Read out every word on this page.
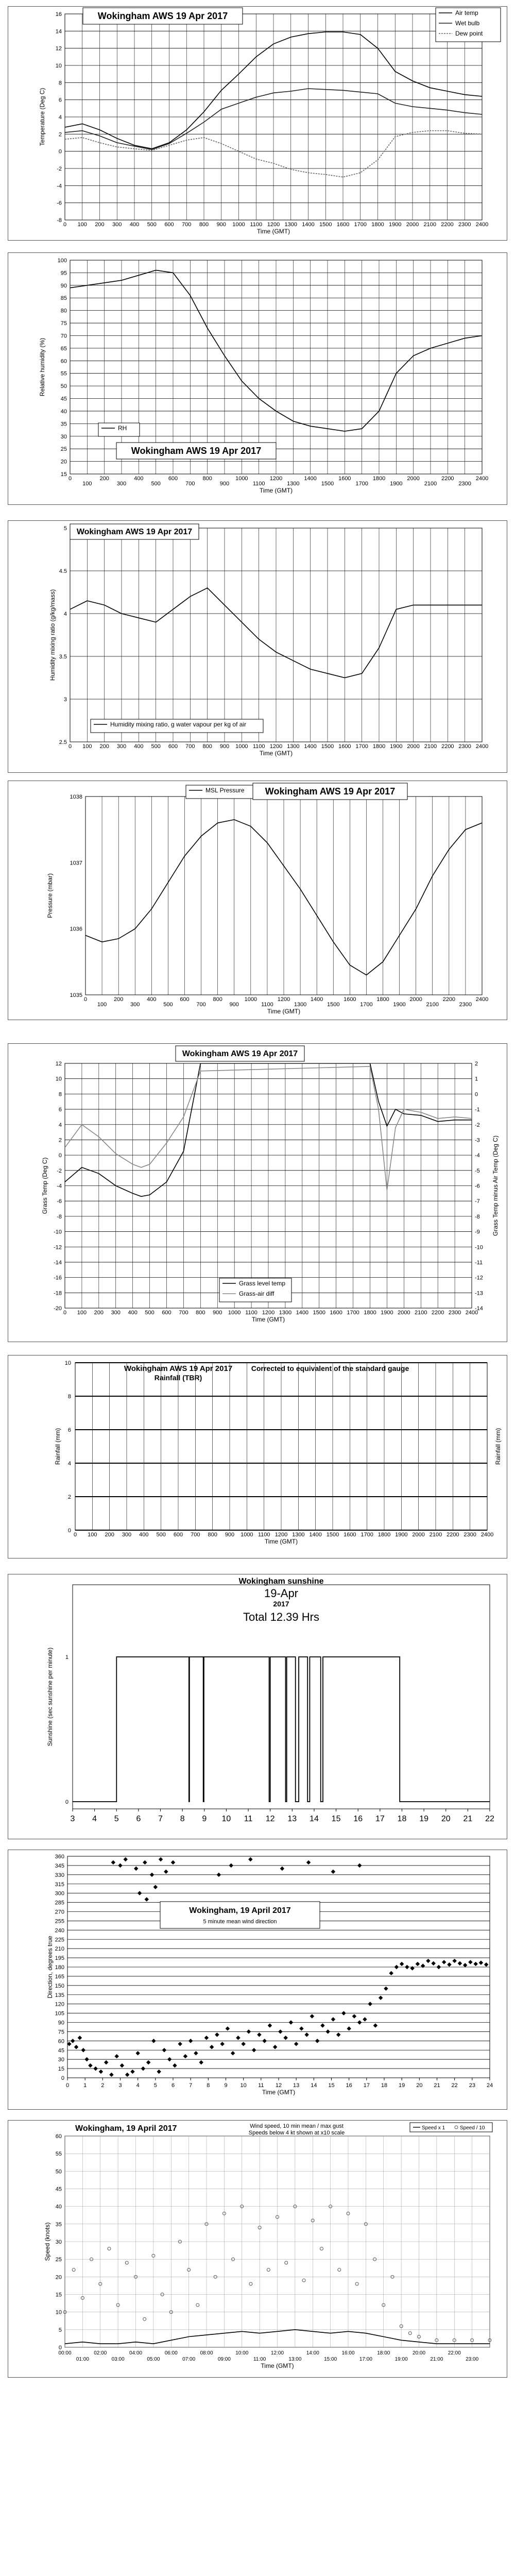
0 100 200 300 400 500 600 700 800 900 1000 1100 1200 1300 1400 1500 1600 1700 1800 1900 2000 2100 2200 2300 2400
Time (GMT)
-8
-6
-4
-2
0
2
4
6
8
10
12
14
16
Temperature (Deg C)
Wokingham AWS 19 Apr 2017	Air temp
Wet bulb
Dew point
0
100
200
300
400
500
600
700
800
900
1000
1100
1200
1300
1400
1500
1600
1700
1800
1900
2000
2100
2200
2300
2400
Time (GMT)
15
20
25
30
35
40
45
50
55
60
65
70
75
80
85
90
95
100
Relative humidity (%)
RH
Wokingham AWS 19 Apr 2017
0 100 200 300 400 500 600 700 800 900 1000 1100 1200 1300 1400 1500 1600 1700 1800 1900 2000 2100 2200 2300 2400
Time (GMT)
2.5
3
3.5
4
4.5
5
Humidity mixing ratio (g/kg/mass)
Wokingham AWS 19 Apr 2017
Humidity mixing ratio, g water vapour per kg of air
0
100
200
300
400
500
600
700
800
900
1000
1100
1200
1300
1400
1500
1600
1700
1800
1900
2000
2100
2200
2300
2400
Time (GMT)
1035
1036
1037
1038
Pressure (mbar)
MSL Pressure Wokingham AWS 19 Apr 2017
0 100 200 300 400 500 600 700 800 900 1000 1100 1200 1300 1400 1500 1600 1700 1800 1900 2000 2100 2200 2300 2400
Time (GMT)
-20
-18
-16
-14
-12
-10
-8
-6
-4
-2
0
2
4
6
8
10
12
-14
-13
-12
-11
-10
-9
-8
-7
-6
-5
-4
-3
-2
-1
0
1
2
Grass Temp (Deg C)	Grass Temp minus Air Temp (Deg C)
Wokingham AWS 19 Apr 2017
Grass level temp
Grass-air diff
0 100 200 300 400 500 600 700 800 900 1000 1100 1200 1300 1400 1500 1600 1700 1800 1900 2000 2100 2200 2300 2400
Time (GMT)
0
2
4
6
8
10
Rainfall (mm)	Rainfall (mm)
Wokingham AWS 19 Apr 2017
Rainfall (TBR)
Corrected to equivalent of the standard gauge
3 4 5 6 7 8 9 10 11 12 13 14 15 16 17 18 19 20 21 22
1
0
Sunshine (sec sunshine per minute)
Wokingham sunshine
19-Apr
2017
Total 12.39 Hrs
0	1	2	3	4	5	6	7	8	9 10 11 12 13 14 15 16 17 18 19 20 21 22 23 24
Time (GMT)
0
15
30
45
60
75
90
105
120
135
150
165
180
195
210
225
240
255
270
285
300
315
330
345
360
Direction, degrees true
Wokingham, 19 April 2017
5 minute mean wind direction
00:00	02:00	04:00	06:00	08:00	10:00	12:00	14:00	16:00	18:00	20:00	22:00
01:00	03:00	05:00	07:00	09:00	11:00	13:00	15:00	17:00	19:00	21:00	23:00
Time (GMT)
0
5
10
15
20
25
30
35
40
45
50
55
60
Speed (knots)
Wokingham, 19 April 2017	Wind speed, 10 min mean / max gust
Speeds below 4 kt shown at x10 scale
Speed x 1	Speed / 10
